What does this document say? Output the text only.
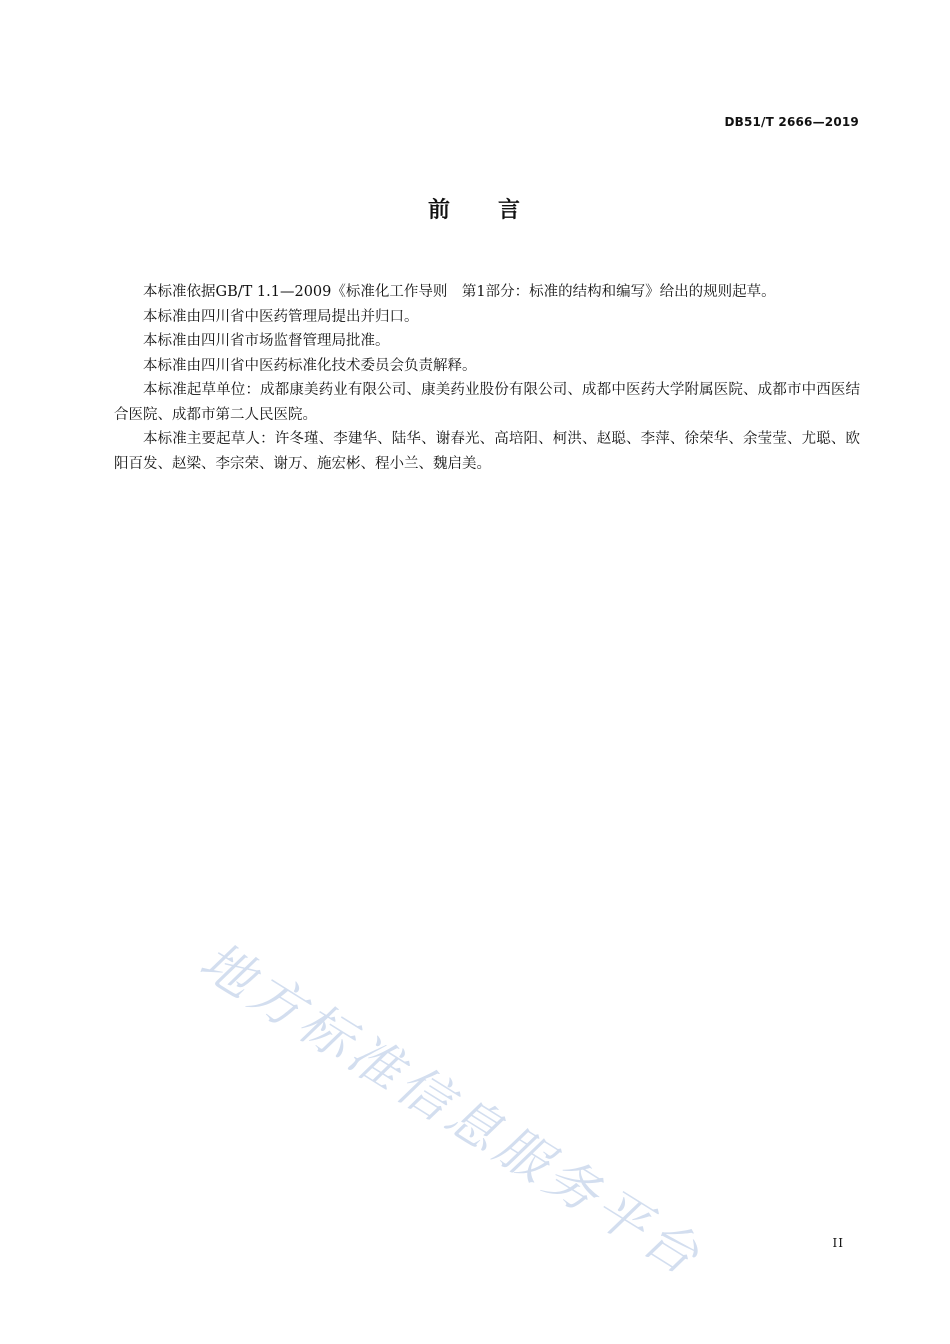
DB51/T 2666—2019
前 言

本标准依据GB/T 1.1—2009《标准化工作导则　第1部分：标准的结构和编写》给出的规则起草。

本标准由四川省中医药管理局提出并归口。

本标准由四川省市场监督管理局批准。

本标准由四川省中医药标准化技术委员会负责解释。

本标准起草单位：成都康美药业有限公司、康美药业股份有限公司、成都中医药大学附属医院、成都市中西医结合医院、成都市第二人民医院。

本标准主要起草人：许冬瑾、李建华、陆华、谢春光、高培阳、柯洪、赵聪、李萍、徐荣华、余莹莹、尤聪、欧阳百发、赵梁、李宗荣、谢万、施宏彬、程小兰、魏启美。

地方标准信息服务平台	II
